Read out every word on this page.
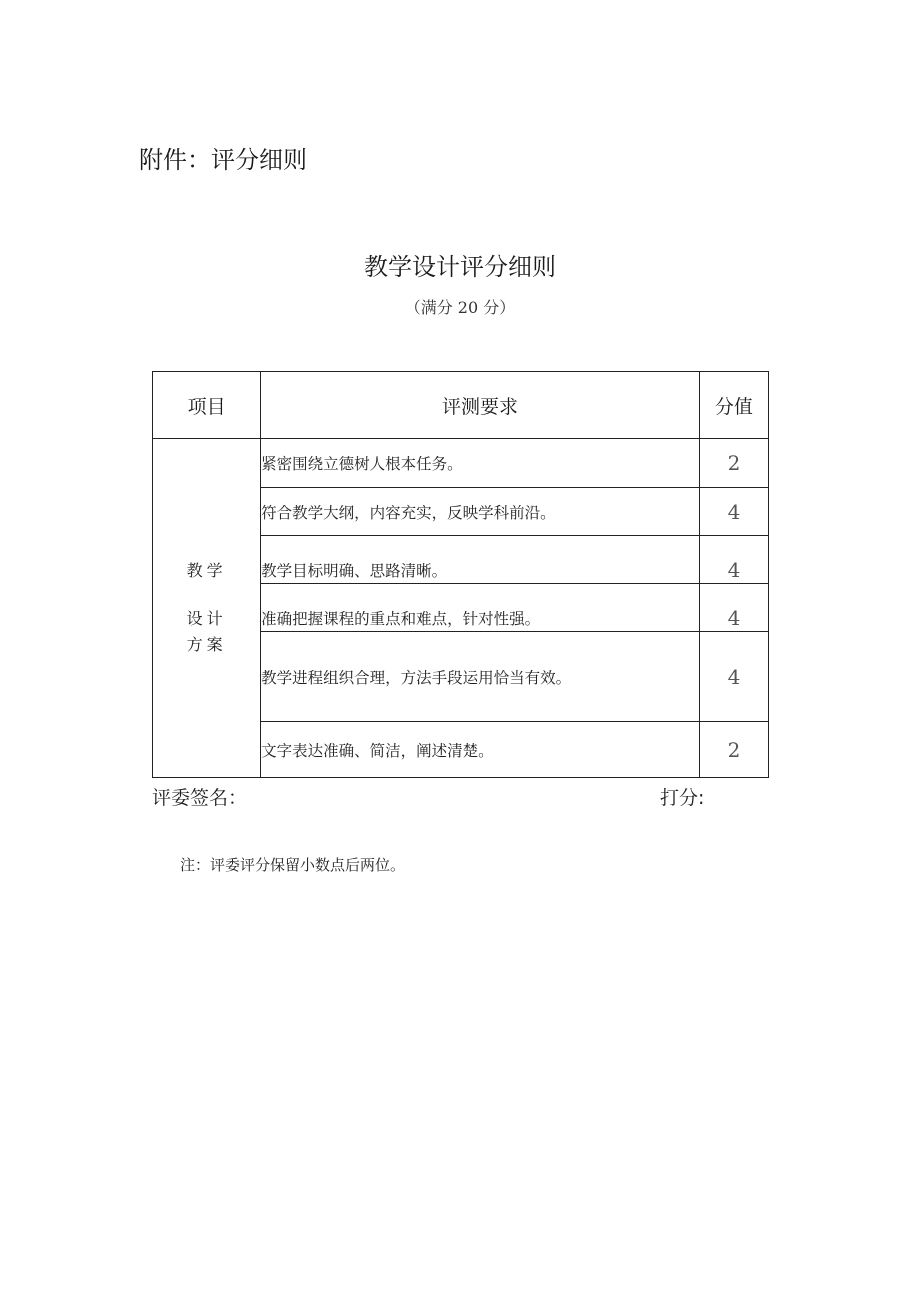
附件：评分细则
教学设计评分细则
（满分 20 分）
项目	评测要求	分值

教学
设计
方案	紧密围绕立德树人根本任务。	2
	符合教学大纲，内容充实，反映学科前沿。	4
	教学目标明确、思路清晰。	4
	准确把握课程的重点和难点，针对性强。	4
	教学进程组织合理，方法手段运用恰当有效。	4
	文字表达准确、简洁，阐述清楚。	2
评委签名：	打分:
注：评委评分保留小数点后两位。
